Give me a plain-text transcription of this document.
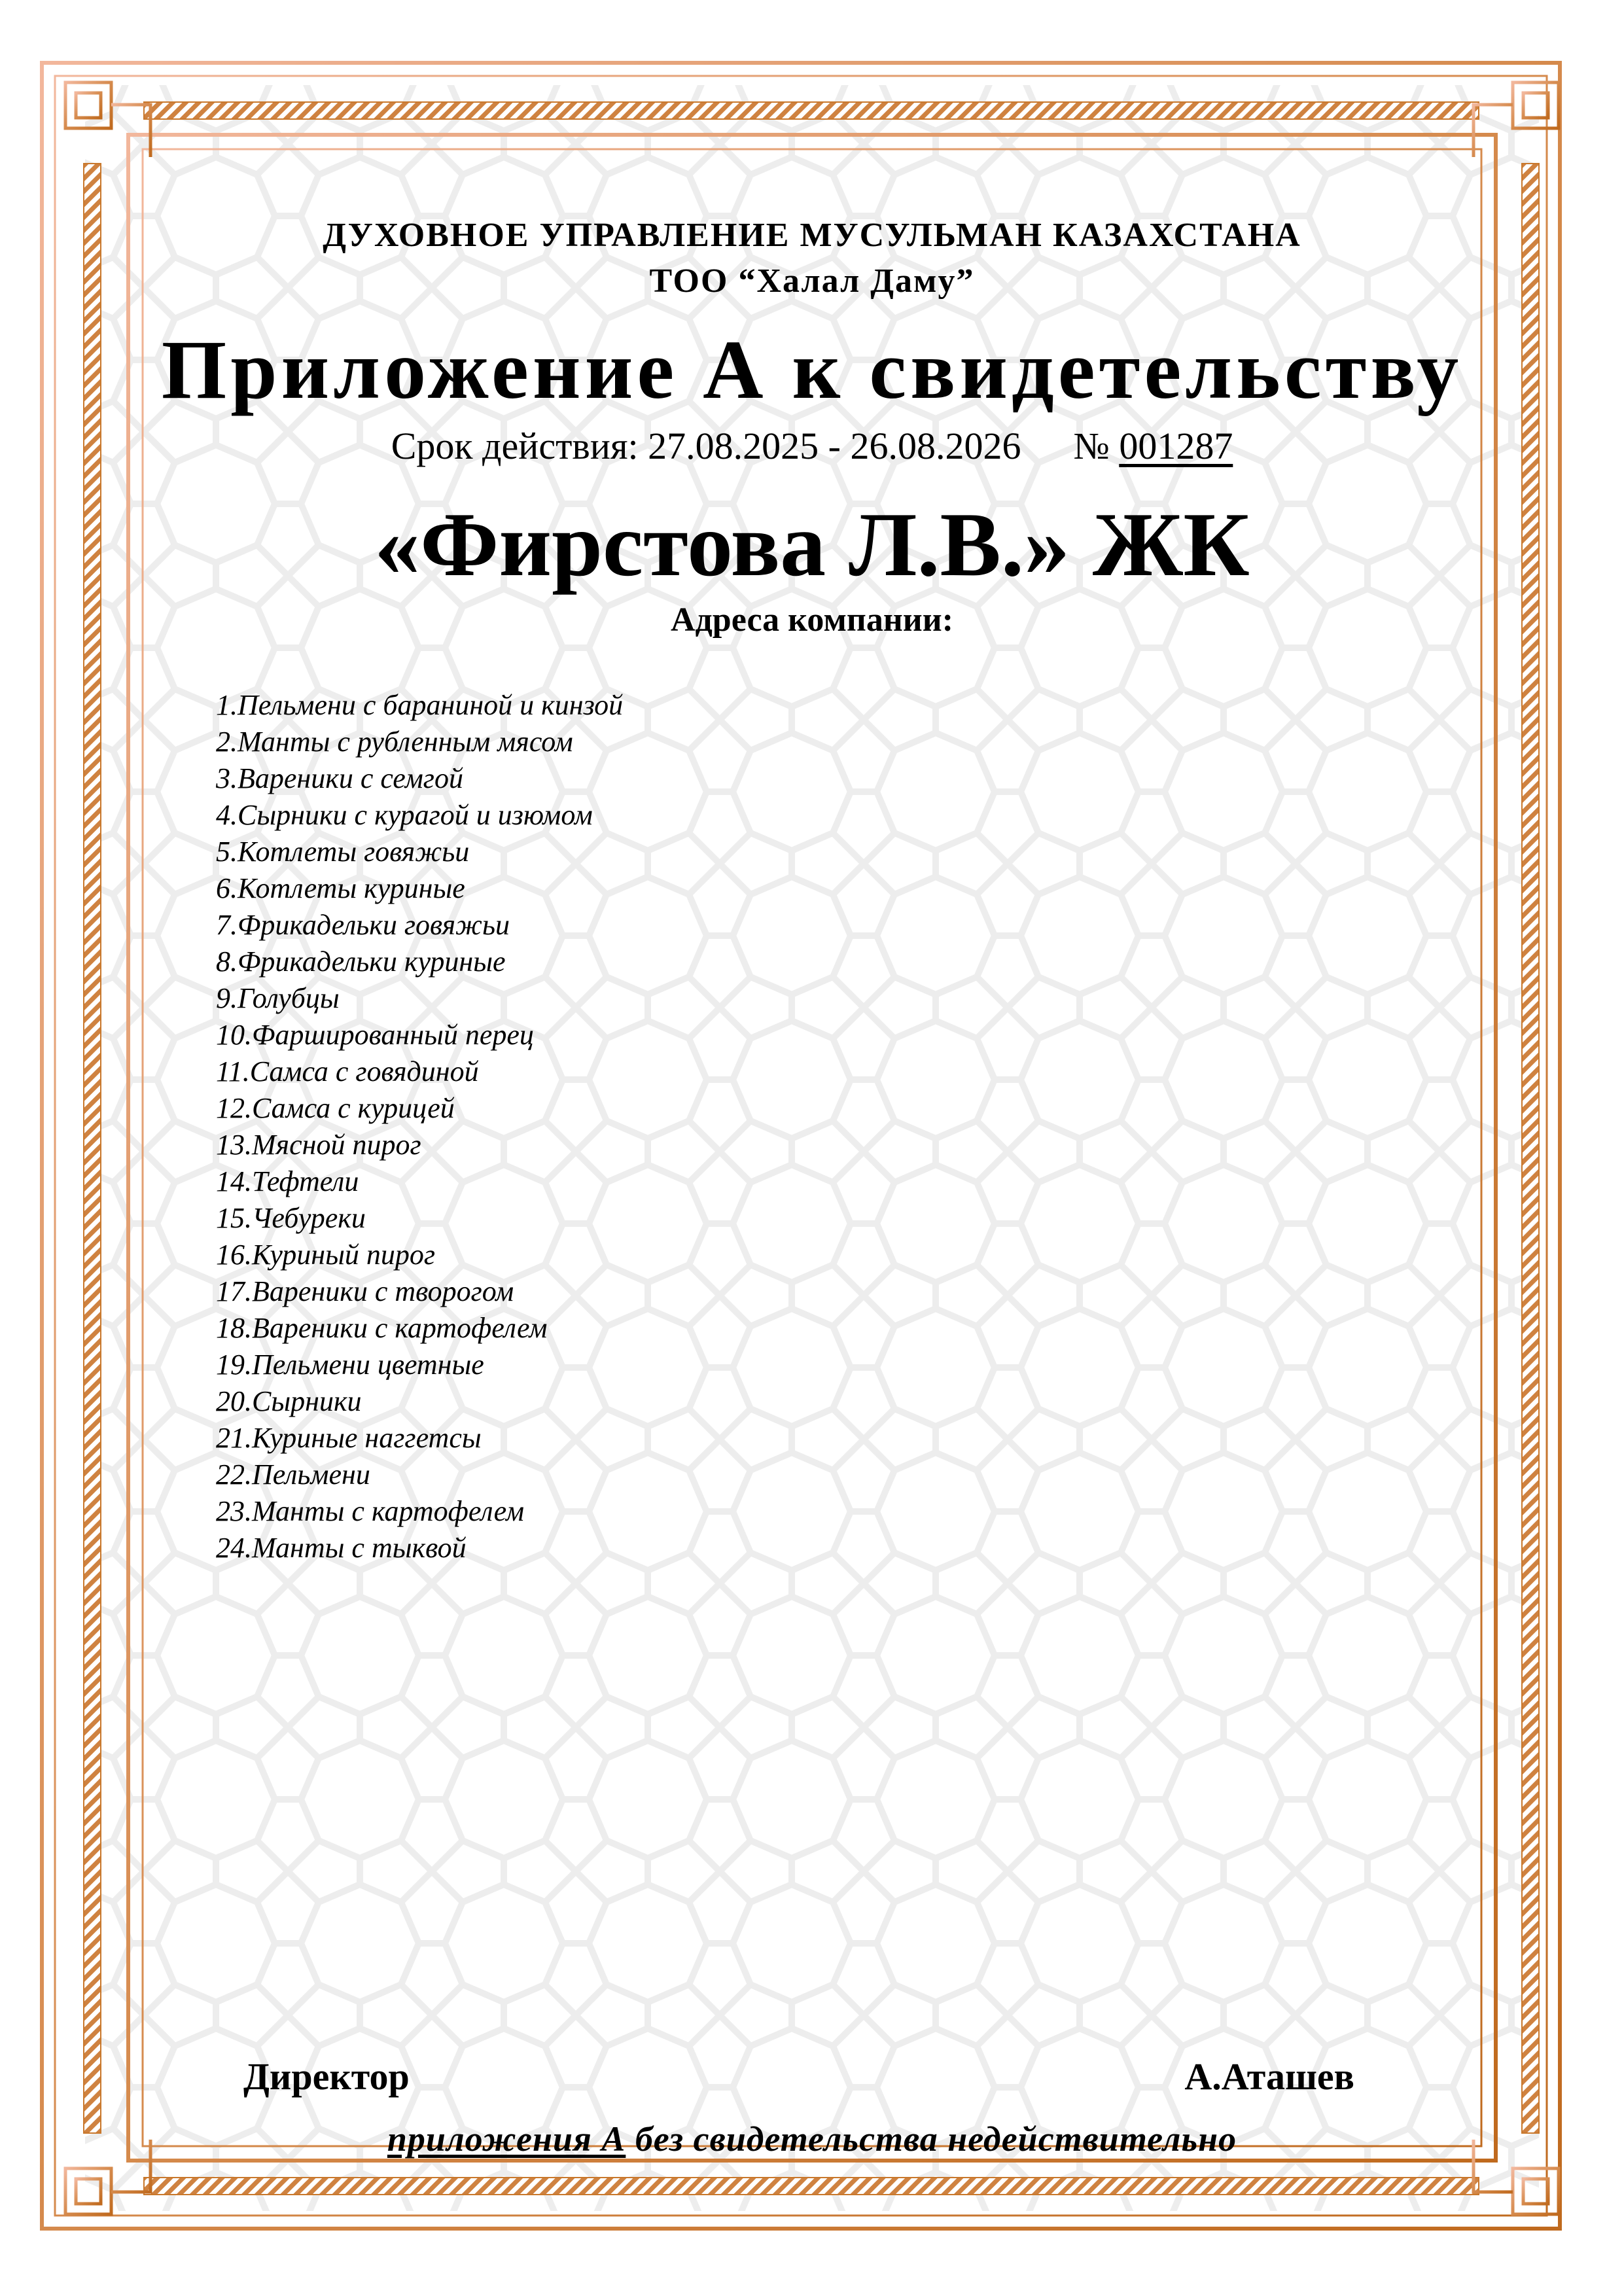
ДУХОВНОЕ УПРАВЛЕНИЕ МУСУЛЬМАН КАЗАХСТАНА
ТОО “Халал Даму”
Приложение А к свидетельству
Срок действия: 27.08.2025 - 26.08.2026 № 001287
«Фирстова Л.В.» ЖК
Адреса компании:
1.Пельмени с бараниной и кинзой
2.Манты с рубленным мясом
3.Вареники с семгой
4.Сырники с курагой и изюмом
5.Котлеты говяжьи
6.Котлеты куриные
7.Фрикадельки говяжьи
8.Фрикадельки куриные
9.Голубцы
10.Фаршированный перец
11.Самса с говядиной
12.Самса с курицей
13.Мясной пирог
14.Тефтели
15.Чебуреки
16.Куриный пирог
17.Вареники с творогом
18.Вареники с картофелем
19.Пельмени цветные
20.Сырники
21.Куриные наггетсы
22.Пельмени
23.Манты с картофелем
24.Манты с тыквой
Директор	А.Аташев
приложения А без свидетельства недействительно
